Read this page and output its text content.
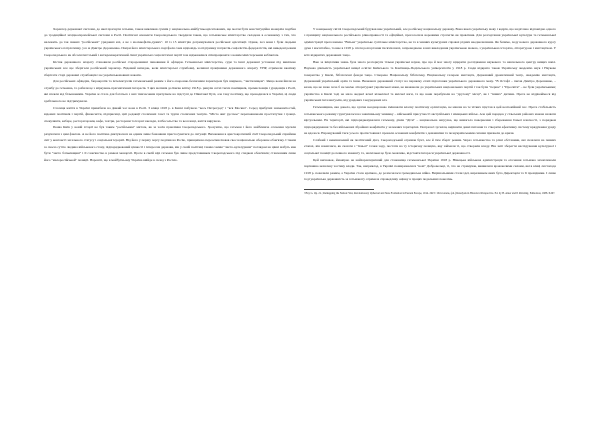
Характер державної системи, до якої прагнули гетьман, також викликав сумнів у національно-майбутньоорієнтованих, що могли бути конституційна монархія подібна до традиційної західноєвропейської системи в Росії. Політичні опоненти Скоропадського твердили також, що гетьманське міністерство складене в основному з тих, хто належить до так званих "російських" урядових кіл, а не з москвофілів-дужих". 10 із 15 міністрів дотримувалися російської орієнтації. Однак, хоч вони і були людьми українського патріотизму, усе ж Дмитро Дорошенко. Попри його міністерського портфеля сама відповідь за підтримку патріотів-соціалістів-федералістів, які виведені режим Скоропадського як абсолютистський і антидемократичний. Інші українські соціалістичні партії теж відмовилися співпрацювати з новим міністерським кабінетом.

Кістяк державного апарату становили російські старорежимні чиновники й офіцери. Гетьманські міністерства, суди та інші державні установи під вивіскою українських все ще зберігали російський характер. Відомий випадок, коли міністерські службовці, колишні працівники державного апарату УНР, отримали вказівку зберігати старі державні службовців і не українськомовних наказів.

Для російських офіцерів, бюрократів та інтелектуалів гетьманський режим з його охоронно-безпечним характером був ширмою, "чистилищем". Якщо вони йшли на службу до гетьмана, то робили це з міркувань прагматичних інтересів. З цих мотивів до Києва влітку 1918 р. ринули сотні тисяч поміщиків, промисловців і урядовців з Росії, які втекли від більшовиків. Україна ж стала для багатьох з них тимчасовим притулком на підступі до Північної Бучі, але таку політику, що проводилася в Україні, ці люди здебільшого не підтримували.

Столиця життя в Україні привабила на діякий час вона в Росії. З кінця 1918 р. в Києві побувало "весь Петроград" і "вся Москва". Серед прибулих знаменитостей, відомих політиків і партій, фінансисти, підприємці, цілі редакції столичних газет та трупи столичних театрів. "Місто жит русское" переповнювали проститутки і гравці-спекулянти, кабаре, рестораторами, кафе, театри, ресторани та ігорні заклади, хлібосольство та веселощі, життя вирувало.

Поява Київ у новій історії не був таким "російським" містом, як за часів правління Скоропадського. Зрозуміло, що гетьман і його найближче оточення мусили рахуватися з цим фактом. А не його політика диктувалася не одним лише бажанням пристосуватися до ситуації. Виховання в аристократичній сім'ї Скоропадський сприймав світ у контексті загального статусу і соціальної ієрархії. Від його у першу чергу поділяв на Росію, принципово переосмислював своє національне оборонне обов'язку. І таким за своєю суттю людина військового стану, підпорядкований цінності і інтересам держави, він у своїй політиці таким самим "чисто-культурним" поглядом на цінні мабуть мав бути "чисто батьківщині" і її слов'янство в рамках монархії. Проте в своїй вірі гетьман був лише представником Скоропадського під спадком обов'язків; ставленням лише його "малоросійськой" позиції. Нарешті, що в майбутньому Україна ввійде в склад з Росією.

У юнацькому світлі Скоропадський будував вже український, але російську національну державу. Вона ввела українську мову і кадрів, що надіслано відповідно одного з принципу національного російського рівноправності та офіційної, проголосила ворожими стратегію як правління. Для розгортання української культури та гетьманської адміністрації проголошено "Вільна" українське суспільне міністерство, не та в чинних культурних справах рідних неоднозначним. Як бачимо, ходу нового державного курсу дуже і масштабно, та вже в 1918 р. після розгортання тисячів шкіл, запроваджено в них викладання українською мовою, з українською історією, літературою і мистецтвом. У всіх відкритих державних тощо.

Вже за ініціативи знань була змога розгорнути тільки українські науки, про що й має змогу відкрити дослідження наукового та навчального центру вищих шкіл. Наукова діяльність української вищої освіти: Київського та Кам'янець-Подільського університетів у 1918 р. Сюди відкрито також Українську академію наук і Наукове товариство у Києві, бібліотечні фонди тощо. Створено Національну бібліотеку, Національну галерею мистецтв, Державний драматичний театр, Академію мистецтв, Державний український архів та інше. Вважався державний статус на першому етапі підготовки українського державного мову. "В Остафі – писав Дмитро Дорошенко, – казав, що не знаю хоча б не маємо літературної української мови, не вважаючи до українських національних партій і так були "перше" і "Просвіти" – не були українськими; українство в Києві тоді не мало жодної ясної кількісної та якісної ваги, та що вони перебували на "другому" місці", як і "інших" дитини. Проте не відрікаймося від українських інтелектуалів, від урядових і неурядових кіл.

Гетьманщина, яка довела, що здатна неодноразово змінювати власну політичну орієнтацію, не маючи на те чітких підстав в цей неспокійний час. Проте стабільність гетьманського режиму грунтувалася на зовнішньому чиннику – військовій присутності австрійських і німецьких військ. Але цей порядок у сільських районах можна назвати віртуальним. На території, які підпорядковувалися гетьману, діяли "Діти" – національна нагрузка, що вимагала повернення і збереження їхньої власності, з порядком підпорядкування та без військових збройних конфліктів у залежних територіях. Попри всі зусилля, вирішити давні питання та створити ефективну систему врядування уряду не вдалося. Нарощуваний тиск усього протистояння і провали основних конфліктів з домашніми та позаукраїнськими силами призвели до кризи.

Слабкий і невизначений як політичний діяч, Скоропадський отримав бунт, але й тим зберіг режим. Через гетьманство та різні обставини, які склалися на певних етапах, він намагався, як сказати з "їхньої" точки зору, постати на ту історичну позицію, яку займали ті, що створили владу. Він зміг зберегти наслідування культурної і соціальної позиції до певного моменту та, наскільки це було можливо, відстояти інтереси української державності.

Цей висновок, ймовірно не найхарактерніший для становища гетьманської України 1918 р. Німецька військова адміністрація та оточення гетьмана захоплювали порівняно незначну частину влади. Так, наприклад, в Україні поширювалися "нові" Добровольці, ті, хто не стримував, виявилися вражаючими силами, які в кінці листопада 1918 р. повалили режим, а Україна стала країною, де розпочалася громадянська війна. Вирішальними стали ідеї, виразником яких була Директорія та її провідники. І лише тоді українська державність за гетьманату отримала справедливу оцінку в працях подальших поколінь.

¹ Hoy G. Op. cit.; Remapping the Nation: War, Revolutionary Upheaval and State Formation in Eastern Europe, 1914–1923 / Olavi Arens, (ed.) Ranalysis in Historical Perspective. Ed. by H. Anter and P. Pettaling. Edmonton, 1988. P.267.
